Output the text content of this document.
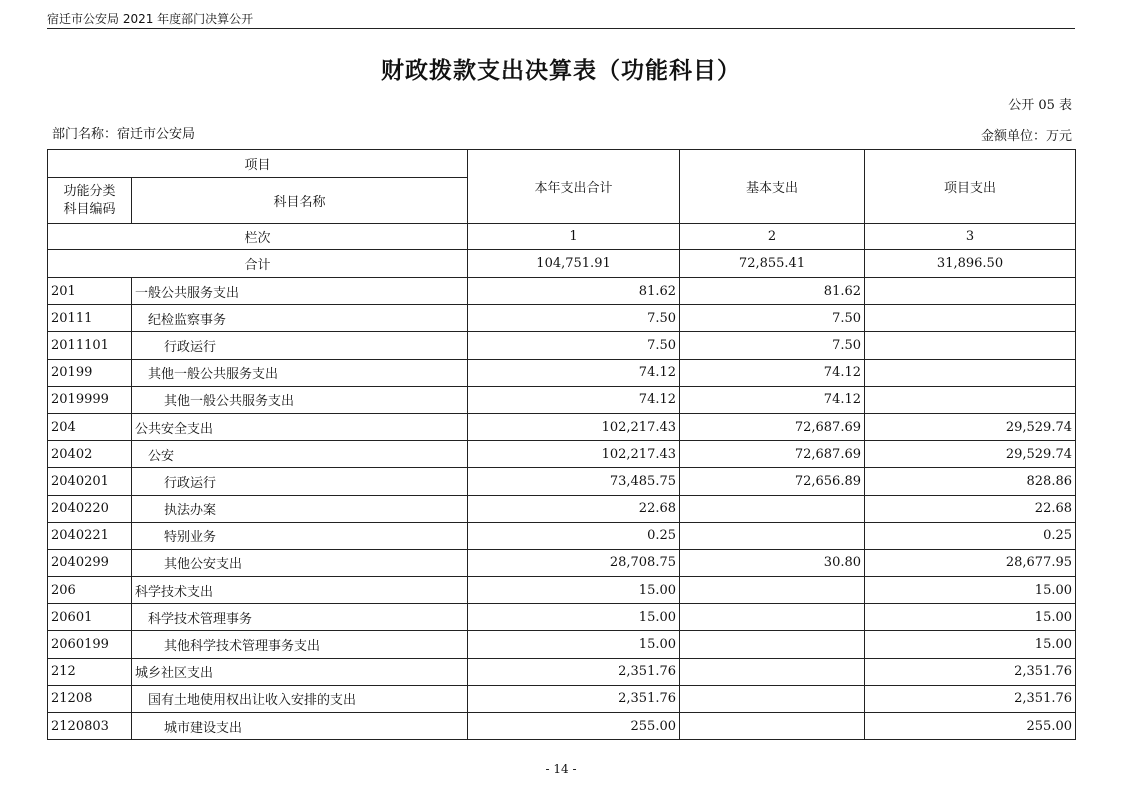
宿迁市公安局 2021 年度部门决算公开
财政拨款支出决算表（功能科目）
公开 05 表
部门名称：宿迁市公安局	金额单位：万元
项目		本年支出合计	基本支出	项目支出
功能分类
科目编码	科目名称			
栏次		1	2	3
合计		104,751.91	72,855.41	31,896.50
201	一般公共服务支出	81.62	81.62	
20111	纪检监察事务	7.50	7.50	
2011101	行政运行	7.50	7.50	
20199	其他一般公共服务支出	74.12	74.12	
2019999	其他一般公共服务支出	74.12	74.12	
204	公共安全支出	102,217.43	72,687.69	29,529.74
20402	公安	102,217.43	72,687.69	29,529.74
2040201	行政运行	73,485.75	72,656.89	828.86
2040220	执法办案	22.68		22.68
2040221	特别业务	0.25		0.25
2040299	其他公安支出	28,708.75	30.80	28,677.95
206	科学技术支出	15.00		15.00
20601	科学技术管理事务	15.00		15.00
2060199	其他科学技术管理事务支出	15.00		15.00
212	城乡社区支出	2,351.76		2,351.76
21208	国有土地使用权出让收入安排的支出	2,351.76		2,351.76
2120803	城市建设支出	255.00		255.00
- 14 -
